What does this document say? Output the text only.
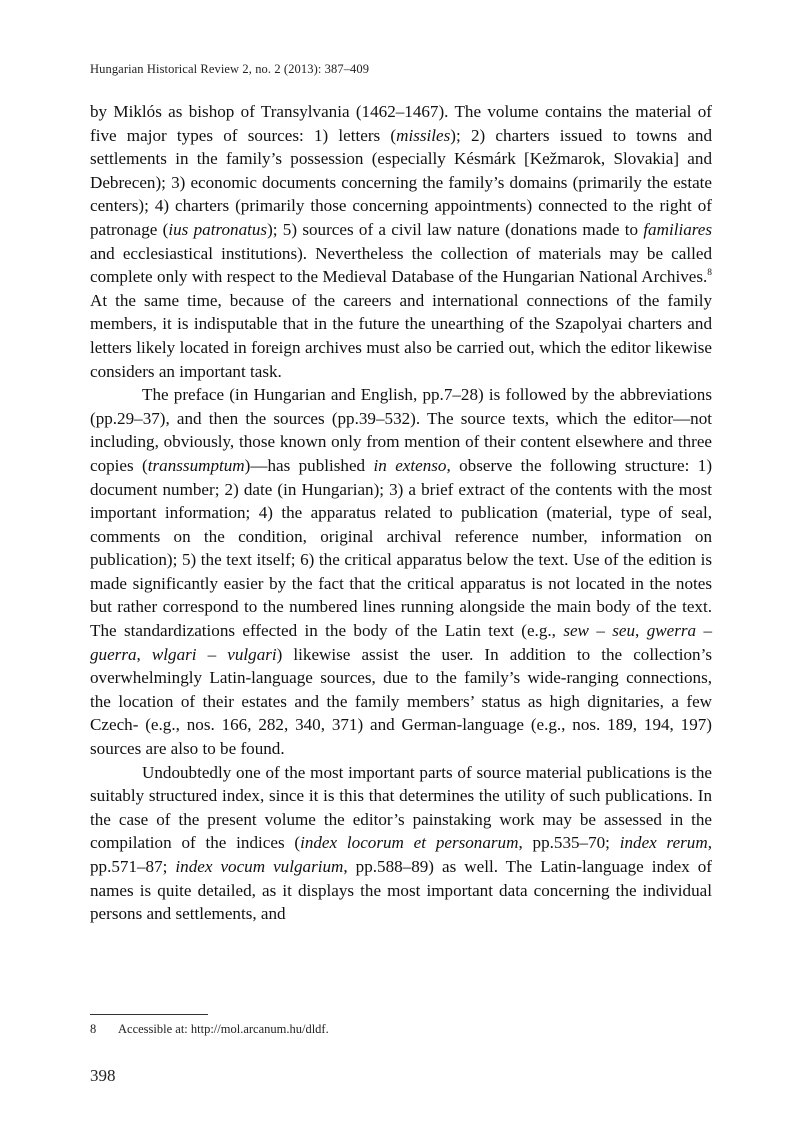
Hungarian Historical Review 2, no. 2 (2013): 387–409

by Miklós as bishop of Transylvania (1462–1467). The volume contains the material of five major types of sources: 1) letters (missiles); 2) charters issued to towns and settlements in the family’s possession (especially Késmárk [Kežmarok, Slovakia] and Debrecen); 3) economic documents concerning the family’s domains (primarily the estate centers); 4) charters (primarily those concerning appointments) connected to the right of patronage (ius patronatus); 5) sources of a civil law nature (donations made to familiares and ecclesiastical institutions). Nevertheless the collection of materials may be called complete only with respect to the Medieval Database of the Hungarian National Archives.$^8$ At the same time, because of the careers and international connections of the family members, it is indisputable that in the future the unearthing of the Szapolyai charters and letters likely located in foreign archives must also be carried out, which the editor likewise considers an important task.

The preface (in Hungarian and English, pp.7–28) is followed by the abbreviations (pp.29–37), and then the sources (pp.39–532). The source texts, which the editor—not including, obviously, those known only from mention of their content elsewhere and three copies (transsumptum)—has published in extenso, observe the following structure: 1) document number; 2) date (in Hungarian); 3) a brief extract of the contents with the most important information; 4) the apparatus related to publication (material, type of seal, comments on the condition, original archival reference number, information on publication); 5) the text itself; 6) the critical apparatus below the text. Use of the edition is made significantly easier by the fact that the critical apparatus is not located in the notes but rather correspond to the numbered lines running alongside the main body of the text. The standardizations effected in the body of the Latin text (e.g., sew – seu, gwerra – guerra, wlgari – vulgari) likewise assist the user. In addition to the collection’s overwhelmingly Latin-language sources, due to the family’s wide-ranging connections, the location of their estates and the family members’ status as high dignitaries, a few Czech- (e.g., nos. 166, 282, 340, 371) and German-language (e.g., nos. 189, 194, 197) sources are also to be found.

Undoubtedly one of the most important parts of source material publications is the suitably structured index, since it is this that determines the utility of such publications. In the case of the present volume the editor’s painstaking work may be assessed in the compilation of the indices (index locorum et personarum, pp.535–70; index rerum, pp.571–87; index vocum vulgarium, pp.588–89) as well. The Latin-language index of names is quite detailed, as it displays the most important data concerning the individual persons and settlements, and

8 Accessible at: http://mol.arcanum.hu/dldf.
398
